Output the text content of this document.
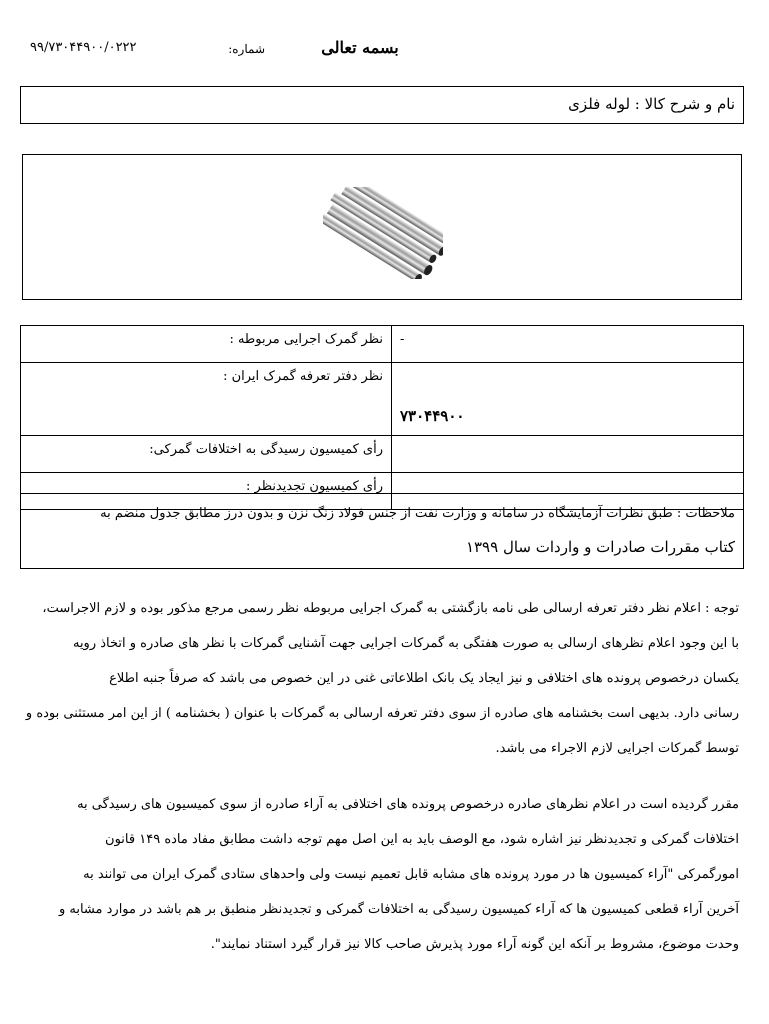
بسمه تعالی
شماره:
۹۹/۷۳۰۴۴۹۰۰/۰۲۲۲
نام و شرح کالا : لوله فلزی
نظر گمرک اجرایی مربوطه :	-
نظر دفتر تعرفه گمرک ایران :	۷۳۰۴۴۹۰۰
رأی کمیسیون رسیدگی به اختلافات گمرکی:	
رأی کمیسیون تجدیدنظر :	
ملاحظات : طبق نظرات آزمایشگاه در سامانه و وزارت نفت از جنس فولاد زنگ نزن و بدون درز مطابق جدول منضم به
کتاب مقررات صادرات و واردات سال ۱۳۹۹
توجه : اعلام نظر دفتر تعرفه ارسالی طی نامه بازگشتی به گمرک اجرایی مربوطه نظر رسمی مرجع مذکور بوده و لازم الاجراست،
با این وجود اعلام نظرهای ارسالی به صورت هفتگی به گمرکات اجرایی جهت آشنایی گمرکات با نظر های صادره و اتخاذ رویه
یکسان درخصوص پرونده های اختلافی و نیز ایجاد یک بانک اطلاعاتی غنی در این خصوص می باشد که صرفاً جنبه اطلاع
رسانی دارد. بدیهی است بخشنامه های صادره از سوی دفتر تعرفه ارسالی به گمرکات با عنوان ( بخشنامه ) از این امر مستثنی بوده و
توسط گمرکات اجرایی لازم الاجراء می باشد.
مقرر گردیده است در اعلام نظرهای صادره درخصوص پرونده های اختلافی به آراء صادره از سوی کمیسیون های رسیدگی به
اختلافات گمرکی و تجدیدنظر نیز اشاره شود، مع الوصف باید به این اصل مهم توجه داشت مطابق مفاد ماده ۱۴۹ قانون
امورگمرکی "آراء کمیسیون ها در مورد پرونده های مشابه قابل تعمیم نیست ولی واحدهای ستادی گمرک ایران می توانند به
آخرین آراء قطعی کمیسیون ها که آراء کمیسیون رسیدگی به اختلافات گمرکی و تجدیدنظر منطبق بر هم باشد در موارد مشابه و
وحدت موضوع، مشروط بر آنکه این گونه آراء مورد پذیرش صاحب کالا نیز قرار گیرد استناد نمایند".
